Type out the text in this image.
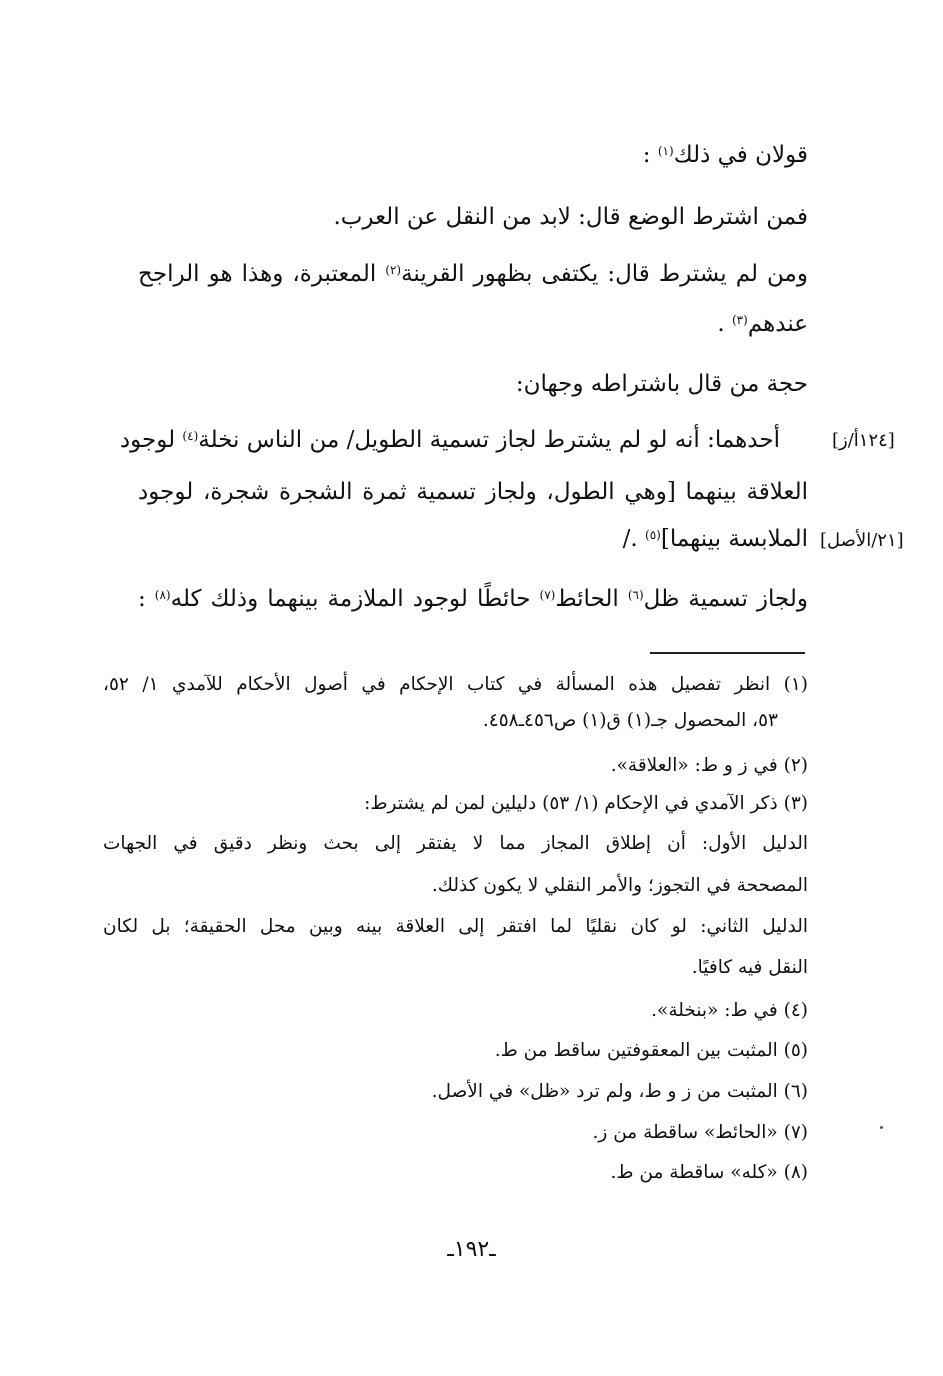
قولان في ذلك$^{(١)}$ :
فمن اشترط الوضع قال: لابد من النقل عن العرب.
ومن لم يشترط قال: يكتفى بظهور القرينة$^{(٢)}$ المعتبرة، وهذا هو الراجح
عندهم$^{(٣)}$ .
حجة من قال باشتراطه وجهان:
أحدهما: أنه لو لم يشترط لجاز تسمية الطويل/ من الناس نخلة$^{(٤)}$ لوجود
العلاقة بينهما [وهي الطول، ولجاز تسمية ثمرة الشجرة شجرة، لوجود
الملابسة بينهما]$^{(٥)}$ ./
ولجاز تسمية ظل$^{(٦)}$ الحائط$^{(٧)}$ حائطًا لوجود الملازمة بينهما وذلك كله$^{(٨)}$ :
[١٢٤أ/ز]
[٢١/الأصل]
(١) انظر تفصيل هذه المسألة في كتاب الإحكام في أصول الأحكام للآمدي ١/ ٥٢،
٥٣، المحصول جـ(١) ق(١) ص٤٥٦ـ٤٥٨.
(٢) في ز و ط: «العلاقة».
(٣) ذكر الآمدي في الإحكام (١/ ٥٣) دليلين لمن لم يشترط:
الدليل الأول: أن إطلاق المجاز مما لا يفتقر إلى بحث ونظر دقيق في الجهات
المصححة في التجوز؛ والأمر النقلي لا يكون كذلك.
الدليل الثاني: لو كان نقليًا لما افتقر إلى العلاقة بينه وبين محل الحقيقة؛ بل لكان
النقل فيه كافيًا.
(٤) في ط: «بنخلة».
(٥) المثبت بين المعقوفتين ساقط من ط.
(٦) المثبت من ز و ط، ولم ترد «ظل» في الأصل.
(٧) «الحائط» ساقطة من ز.
(٨) «كله» ساقطة من ط.
ـ١٩٢ـ
